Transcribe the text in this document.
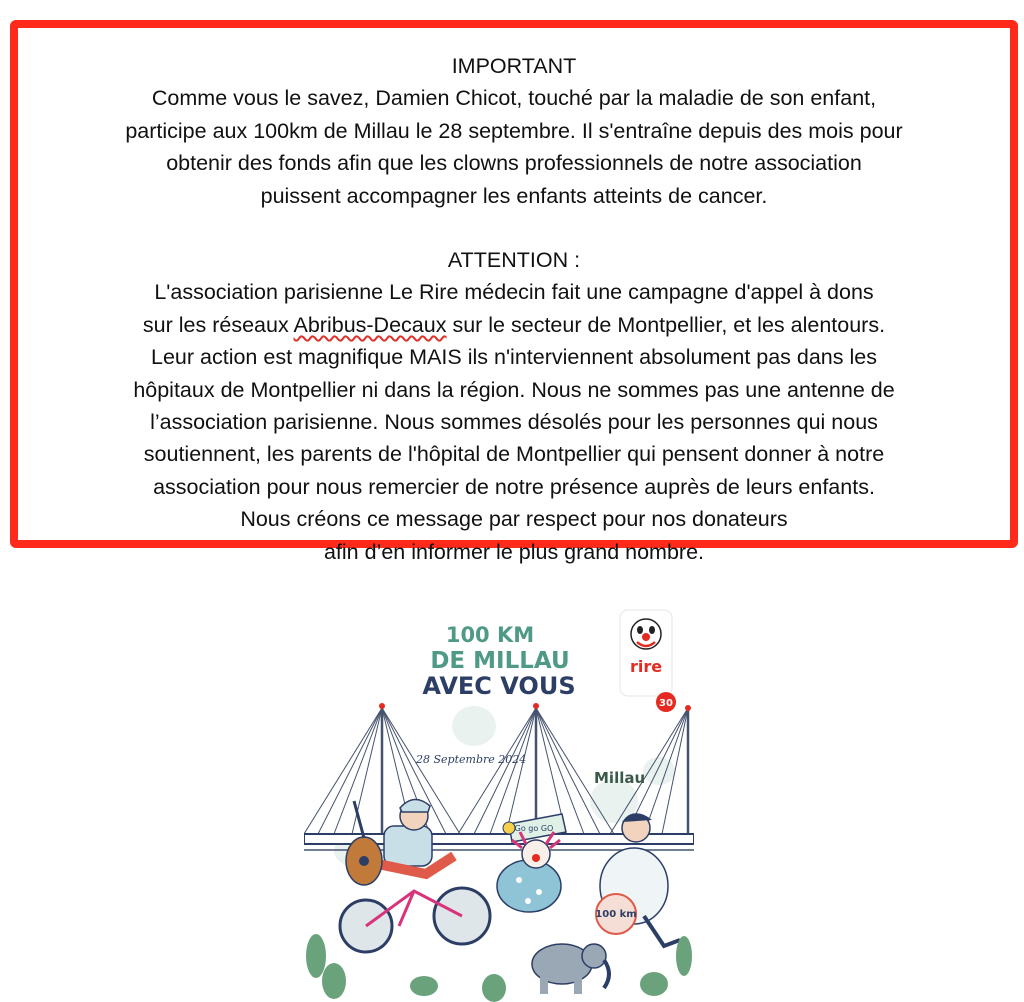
IMPORTANT
Comme vous le savez, Damien Chicot, touché par la maladie de son enfant,
participe aux 100km de Millau le 28 septembre. Il s'entraîne depuis des mois pour
obtenir des fonds afin que les clowns professionnels de notre association
puissent accompagner les enfants atteints de cancer.
ATTENTION :
L'association parisienne Le Rire médecin fait une campagne d'appel à dons
sur les réseaux Abribus-Decaux sur le secteur de Montpellier, et les alentours.
Leur action est magnifique MAIS ils n'interviennent absolument pas dans les
hôpitaux de Montpellier ni dans la région. Nous ne sommes pas une antenne de
l’association parisienne. Nous sommes désolés pour les personnes qui nous
soutiennent, les parents de l'hôpital de Montpellier qui pensent donner à notre
association pour nous remercier de notre présence auprès de leurs enfants.
Nous créons ce message par respect pour nos donateurs
afin d’en informer le plus grand nombre.
100 KM
DE MILLAU
AVEC VOUS
rire
30
28 Septembre 2024
Millau
Go go GO
100 km
